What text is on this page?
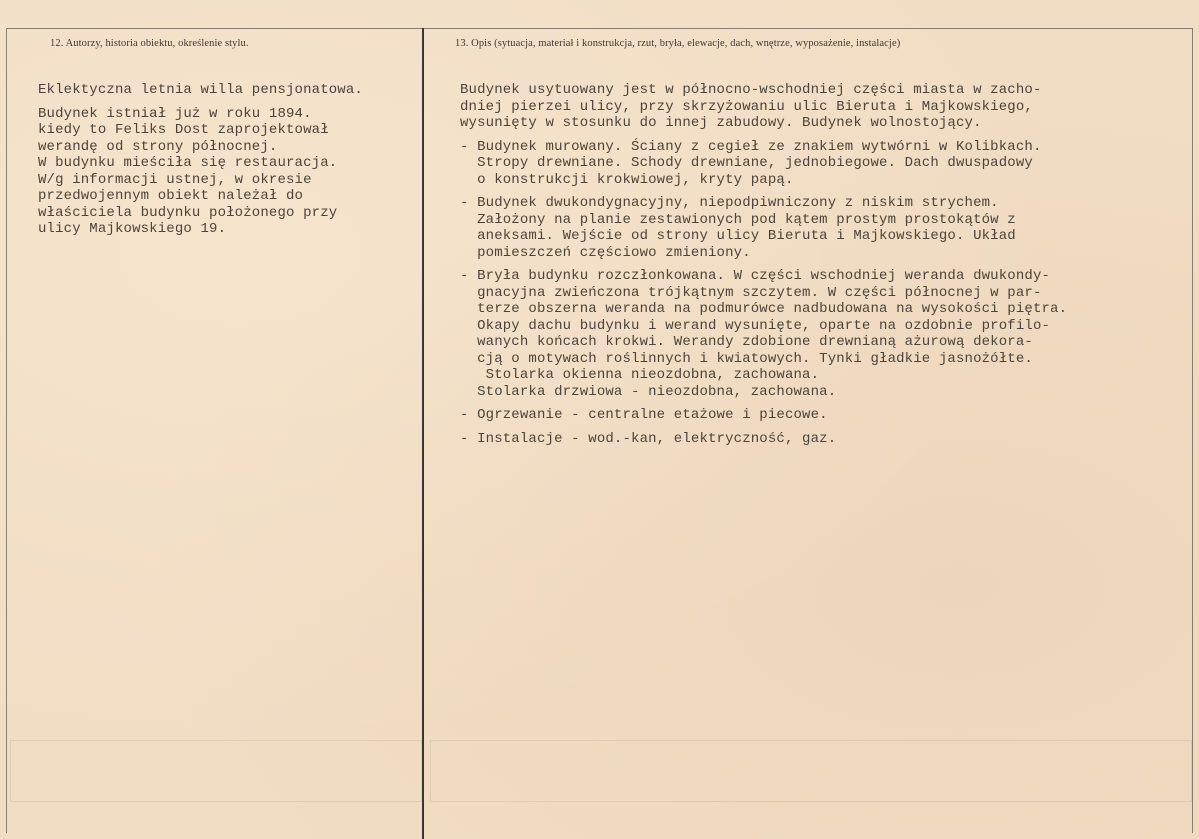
12. Autorzy, historia obiektu, określenie stylu.	13. Opis (sytuacja, materiał i konstrukcja, rzut, bryła, elewacje, dach, wnętrze, wyposażenie, instalacje)
Eklektyczna letnia willa pensjonatowa.
Budynek istniał już w roku 1894.
kiedy to Feliks Dost zaprojektował
werandę od strony północnej.
W budynku mieściła się restauracja.
W/g informacji ustnej, w okresie
przedwojennym obiekt należał do
właściciela budynku położonego przy
ulicy Majkowskiego 19.
Budynek usytuowany jest w północno-wschodniej części miasta w zacho-
dniej pierzei ulicy, przy skrzyżowaniu ulic Bieruta i Majkowskiego,
wysunięty w stosunku do innej zabudowy. Budynek wolnostojący.
- Budynek murowany. Ściany z cegieł ze znakiem wytwórni w Kolibkach.
Stropy drewniane. Schody drewniane, jednobiegowe. Dach dwuspadowy
o konstrukcji krokwiowej, kryty papą.
- Budynek dwukondygnacyjny, niepodpiwniczony z niskim strychem.
Założony na planie zestawionych pod kątem prostym prostokątów z
aneksami. Wejście od strony ulicy Bieruta i Majkowskiego. Układ
pomieszczeń częściowo zmieniony.
- Bryła budynku rozczłonkowana. W części wschodniej weranda dwukondy-
gnacyjna zwieńczona trójkątnym szczytem. W części północnej w par-
terze obszerna weranda na podmurówce nadbudowana na wysokości piętra.
Okapy dachu budynku i werand wysunięte, oparte na ozdobnie profilo-
wanych końcach krokwi. Werandy zdobione drewnianą ażurową dekora-
cją o motywach roślinnych i kwiatowych. Tynki gładkie jasnożółte.
Stolarka okienna nieozdobna, zachowana.
Stolarka drzwiowa - nieozdobna, zachowana.
- Ogrzewanie - centralne etażowe i piecowe.
- Instalacje - wod.-kan, elektryczność, gaz.
